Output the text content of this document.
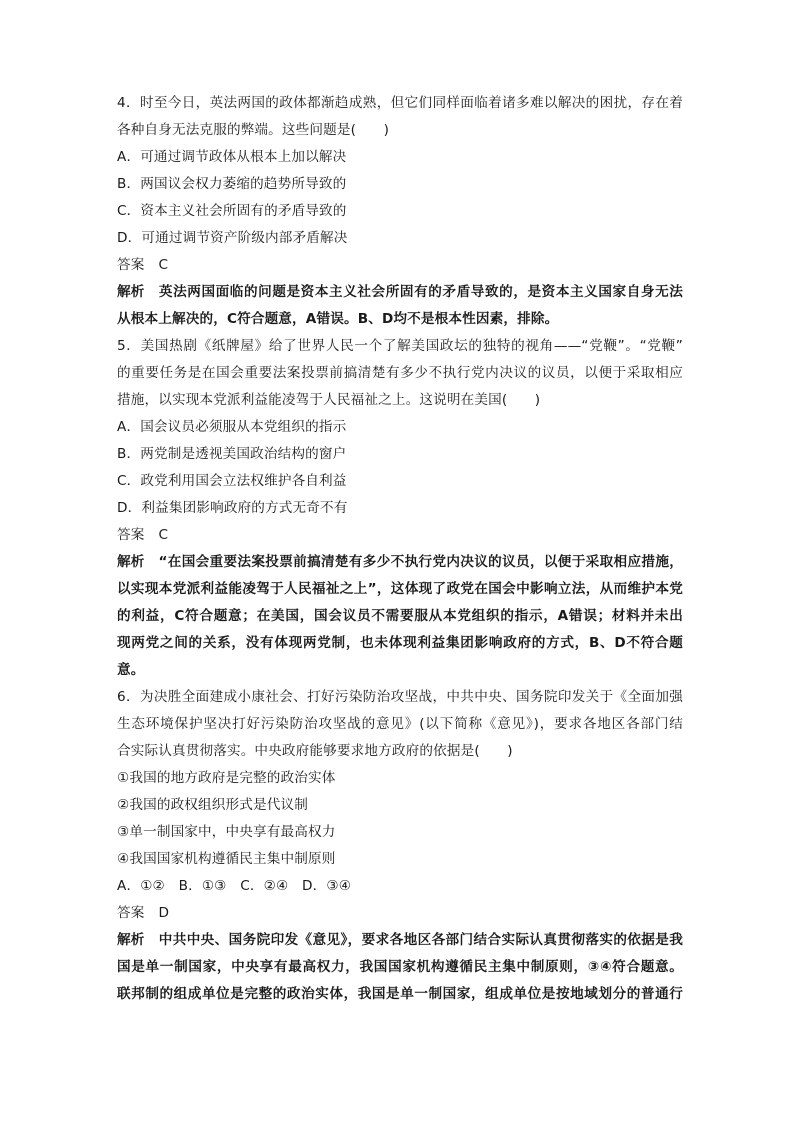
4．时至今日，英法两国的政体都渐趋成熟，但它们同样面临着诸多难以解决的困扰，存在着
各种自身无法克服的弊端。这些问题是(　　)
A．可通过调节政体从根本上加以解决
B．两国议会权力萎缩的趋势所导致的
C．资本主义社会所固有的矛盾导致的
D．可通过调节资产阶级内部矛盾解决
答案 C
解析 英法两国面临的问题是资本主义社会所固有的矛盾导致的，是资本主义国家自身无法
从根本上解决的，C符合题意，A错误。B、D均不是根本性因素，排除。
5．美国热剧《纸牌屋》给了世界人民一个了解美国政坛的独特的视角——“党鞭”。“党鞭”
的重要任务是在国会重要法案投票前搞清楚有多少不执行党内决议的议员，以便于采取相应
措施，以实现本党派利益能凌驾于人民福祉之上。这说明在美国(　　)
A．国会议员必须服从本党组织的指示
B．两党制是透视美国政治结构的窗户
C．政党利用国会立法权维护各自利益
D．利益集团影响政府的方式无奇不有
答案 C
解析 “在国会重要法案投票前搞清楚有多少不执行党内决议的议员，以便于采取相应措施，
以实现本党派利益能凌驾于人民福祉之上”，这体现了政党在国会中影响立法，从而维护本党
的利益，C符合题意；在美国，国会议员不需要服从本党组织的指示，A错误；材料并未出
现两党之间的关系，没有体现两党制，也未体现利益集团影响政府的方式，B、D不符合题
意。
6．为决胜全面建成小康社会、打好污染防治攻坚战，中共中央、国务院印发关于《全面加强
生态环境保护坚决打好污染防治攻坚战的意见》(以下简称《意见》)，要求各地区各部门结
合实际认真贯彻落实。中央政府能够要求地方政府的依据是(　　)
①我国的地方政府是完整的政治实体
②我国的政权组织形式是代议制
③单一制国家中，中央享有最高权力
④我国国家机构遵循民主集中制原则
A．①②　B．①③　C．②④　D．③④
答案 D
解析 中共中央、国务院印发《意见》，要求各地区各部门结合实际认真贯彻落实的依据是我
国是单一制国家，中央享有最高权力，我国国家机构遵循民主集中制原则，③④符合题意。
联邦制的组成单位是完整的政治实体，我国是单一制国家，组成单位是按地域划分的普通行
